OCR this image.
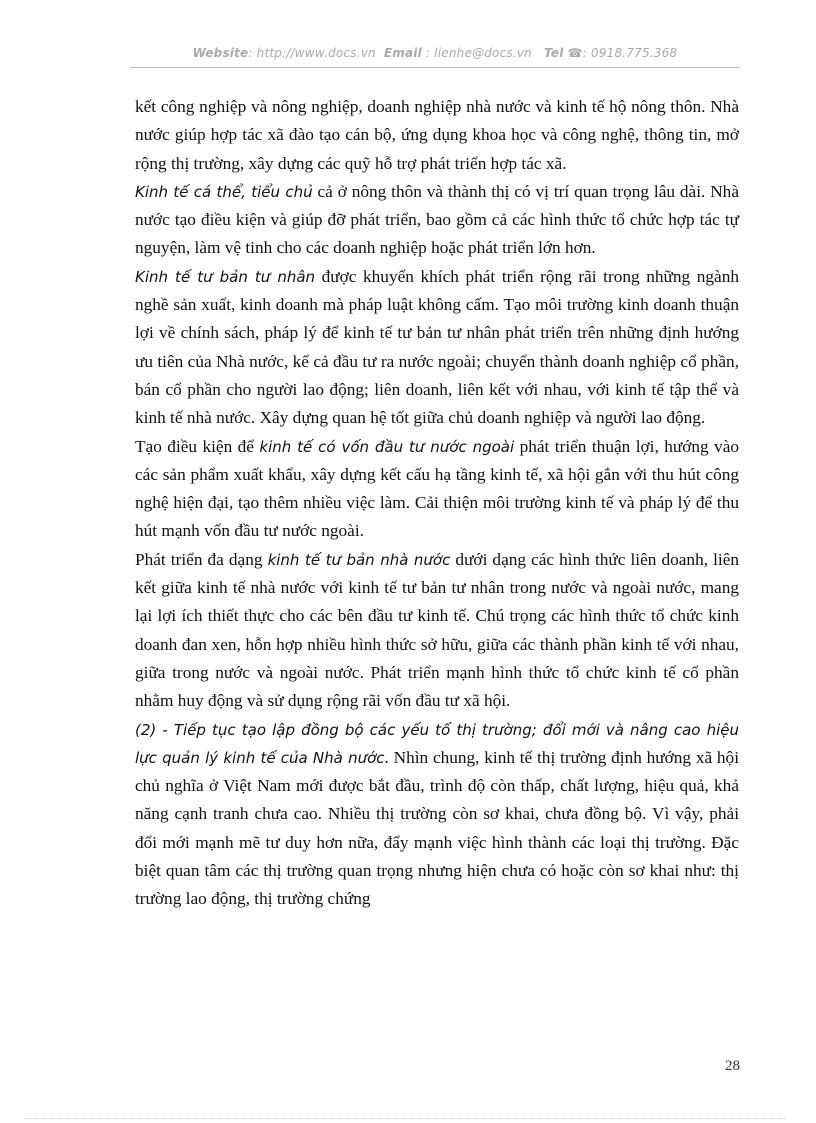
Website: http://www.docs.vn Email : lienhe@docs.vn Tel ☎: 0918.775.368

kết công nghiệp và nông nghiệp, doanh nghiệp nhà nước và kinh tế hộ nông thôn. Nhà nước giúp hợp tác xã đào tạo cán bộ, ứng dụng khoa học và công nghệ, thông tin, mở rộng thị trường, xây dựng các quỹ hỗ trợ phát triển hợp tác xã.

Kinh tế cá thể, tiểu chủ cả ở nông thôn và thành thị có vị trí quan trọng lâu dài. Nhà nước tạo điều kiện và giúp đỡ phát triển, bao gồm cả các hình thức tổ chức hợp tác tự nguyện, làm vệ tinh cho các doanh nghiệp hoặc phát triển lớn hơn.

Kinh tế tư bản tư nhân được khuyến khích phát triển rộng rãi trong những ngành nghề sản xuất, kinh doanh mà pháp luật không cấm. Tạo môi trường kinh doanh thuận lợi về chính sách, pháp lý để kinh tế tư bản tư nhân phát triển trên những định hướng ưu tiên của Nhà nước, kể cả đầu tư ra nước ngoài; chuyển thành doanh nghiệp cổ phần, bán cổ phần cho người lao động; liên doanh, liên kết với nhau, với kinh tế tập thể và kinh tế nhà nước. Xây dựng quan hệ tốt giữa chủ doanh nghiệp và người lao động.

Tạo điều kiện để kinh tế có vốn đầu tư nước ngoài phát triển thuận lợi, hướng vào các sản phẩm xuất khẩu, xây dựng kết cấu hạ tầng kinh tế, xã hội gắn với thu hút công nghệ hiện đại, tạo thêm nhiều việc làm. Cải thiện môi trường kinh tế và pháp lý để thu hút mạnh vốn đầu tư nước ngoài.

Phát triển đa dạng kinh tế tư bản nhà nước dưới dạng các hình thức liên doanh, liên kết giữa kinh tế nhà nước với kinh tế tư bản tư nhân trong nước và ngoài nước, mang lại lợi ích thiết thực cho các bên đầu tư kinh tế. Chú trọng các hình thức tổ chức kinh doanh đan xen, hỗn hợp nhiều hình thức sở hữu, giữa các thành phần kinh tế với nhau, giữa trong nước và ngoài nước. Phát triển mạnh hình thức tổ chức kinh tế cổ phần nhằm huy động và sử dụng rộng rãi vốn đầu tư xã hội.

(2) - Tiếp tục tạo lập đồng bộ các yếu tố thị trường; đổi mới và nâng cao hiệu lực quản lý kinh tế của Nhà nước. Nhìn chung, kinh tế thị trường định hướng xã hội chủ nghĩa ở Việt Nam mới được bắt đầu, trình độ còn thấp, chất lượng, hiệu quả, khả năng cạnh tranh chưa cao. Nhiều thị trường còn sơ khai, chưa đồng bộ. Vì vậy, phải đổi mới mạnh mẽ tư duy hơn nữa, đẩy mạnh việc hình thành các loại thị trường. Đặc biệt quan tâm các thị trường quan trọng nhưng hiện chưa có hoặc còn sơ khai như: thị trường lao động, thị trường chứng

28
